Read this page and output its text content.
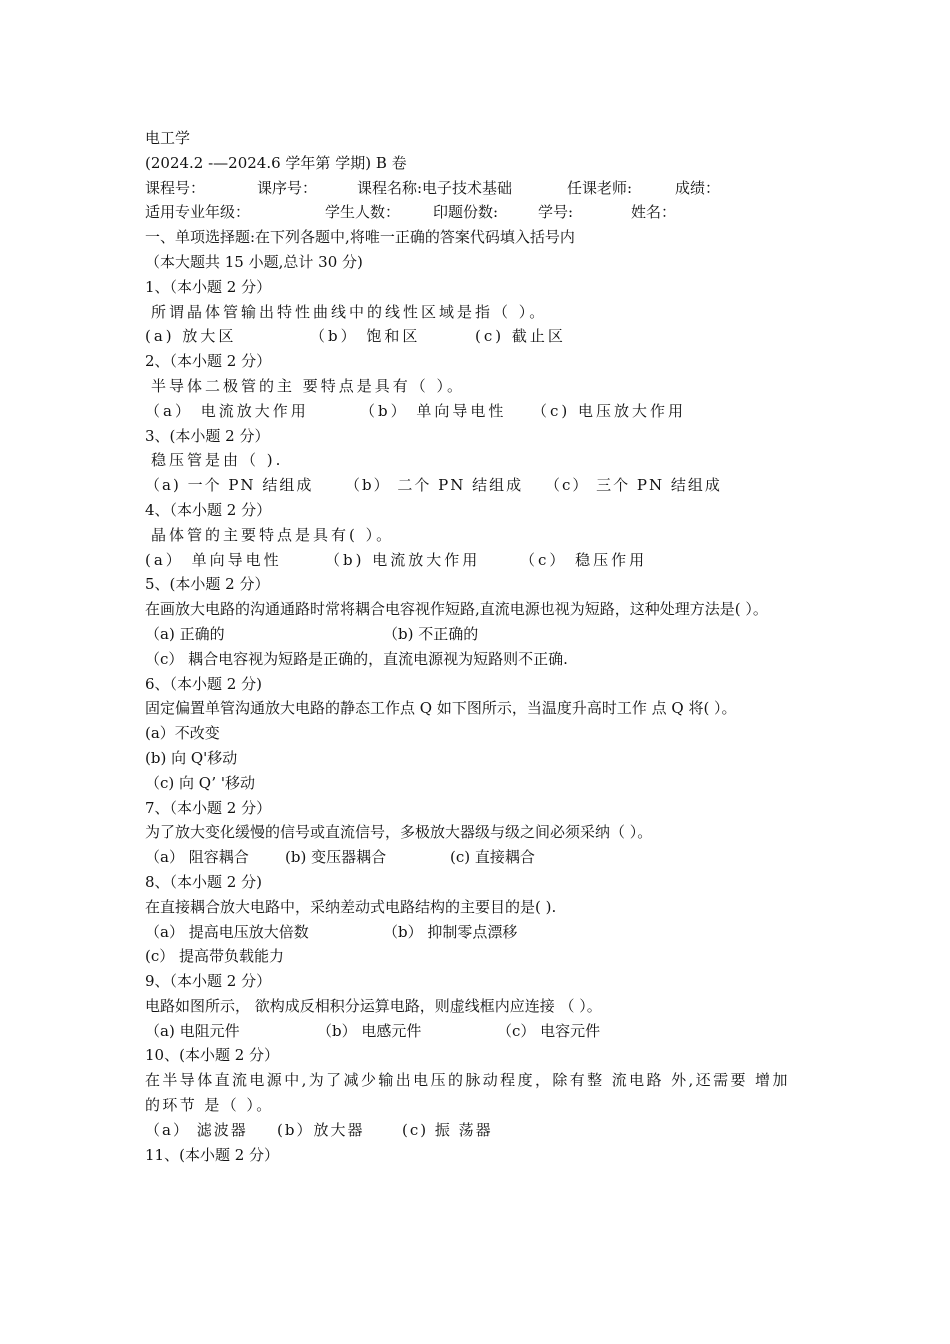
电工学
(2024.2 -—2024.6 学年第 学期) B 卷
课程号：	课序号：	课程名称:电子技术基础	任课老师:	成绩：
适用专业年级：	学生人数：	印题份数:	学号:	姓名：
一、单项选择题:在下列各题中,将唯一正确的答案代码填入括号内
（本大题共 15 小题,总计 30 分)
1、（本小题 2 分）
所谓晶体管输出特性曲线中的线性区域是指（ ）。
(a) 放大区	（b） 饱和区	(c) 截止区
2、（本小题 2 分）
半导体二极管的主 要特点是具有（ ）。
（a） 电流放大作用	（b） 单向导电性	（c) 电压放大作用
3、(本小题 2 分）
稳压管是由（ ).
（a) 一个 PN 结组成	（b） 二个 PN 结组成	（c） 三个 PN 结组成
4、（本小题 2 分）
晶体管的主要特点是具有( ）。
(a） 单向导电性	（b) 电流放大作用	（c） 稳压作用
5、(本小题 2 分）
在画放大电路的沟通通路时常将耦合电容视作短路,直流电源也视为短路，这种处理方法是( ）。
（a) 正确的	（b) 不正确的
（c） 耦合电容视为短路是正确的，直流电源视为短路则不正确.
6、（本小题 2 分)
固定偏置单管沟通放大电路的静态工作点 Q 如下图所示，当温度升高时工作 点 Q 将( ）。
(a）不改变
(b) 向 Q'移动
（c) 向 Q’ '移动
7、（本小题 2 分）
为了放大变化缓慢的信号或直流信号，多极放大器级与级之间必须采纳（ ）。
（a） 阻容耦合	(b) 变压器耦合	(c) 直接耦合
8、（本小题 2 分)
在直接耦合放大电路中，采纳差动式电路结构的主要目的是( ).
（a） 提高电压放大倍数	（b） 抑制零点漂移
(c） 提高带负载能力
9、（本小题 2 分）
电路如图所示， 欲构成反相积分运算电路，则虚线框内应连接 （ ）。
（a) 电阻元件	（b） 电感元件	（c） 电容元件
10、(本小题 2 分）
在半导体直流电源中,为了减少输出电压的脉动程度，除有整 流电路 外,还需要 增加 的环节 是（ ）。
（a） 滤波器	(b）放大器	(c) 振 荡器
11、(本小题 2 分）
